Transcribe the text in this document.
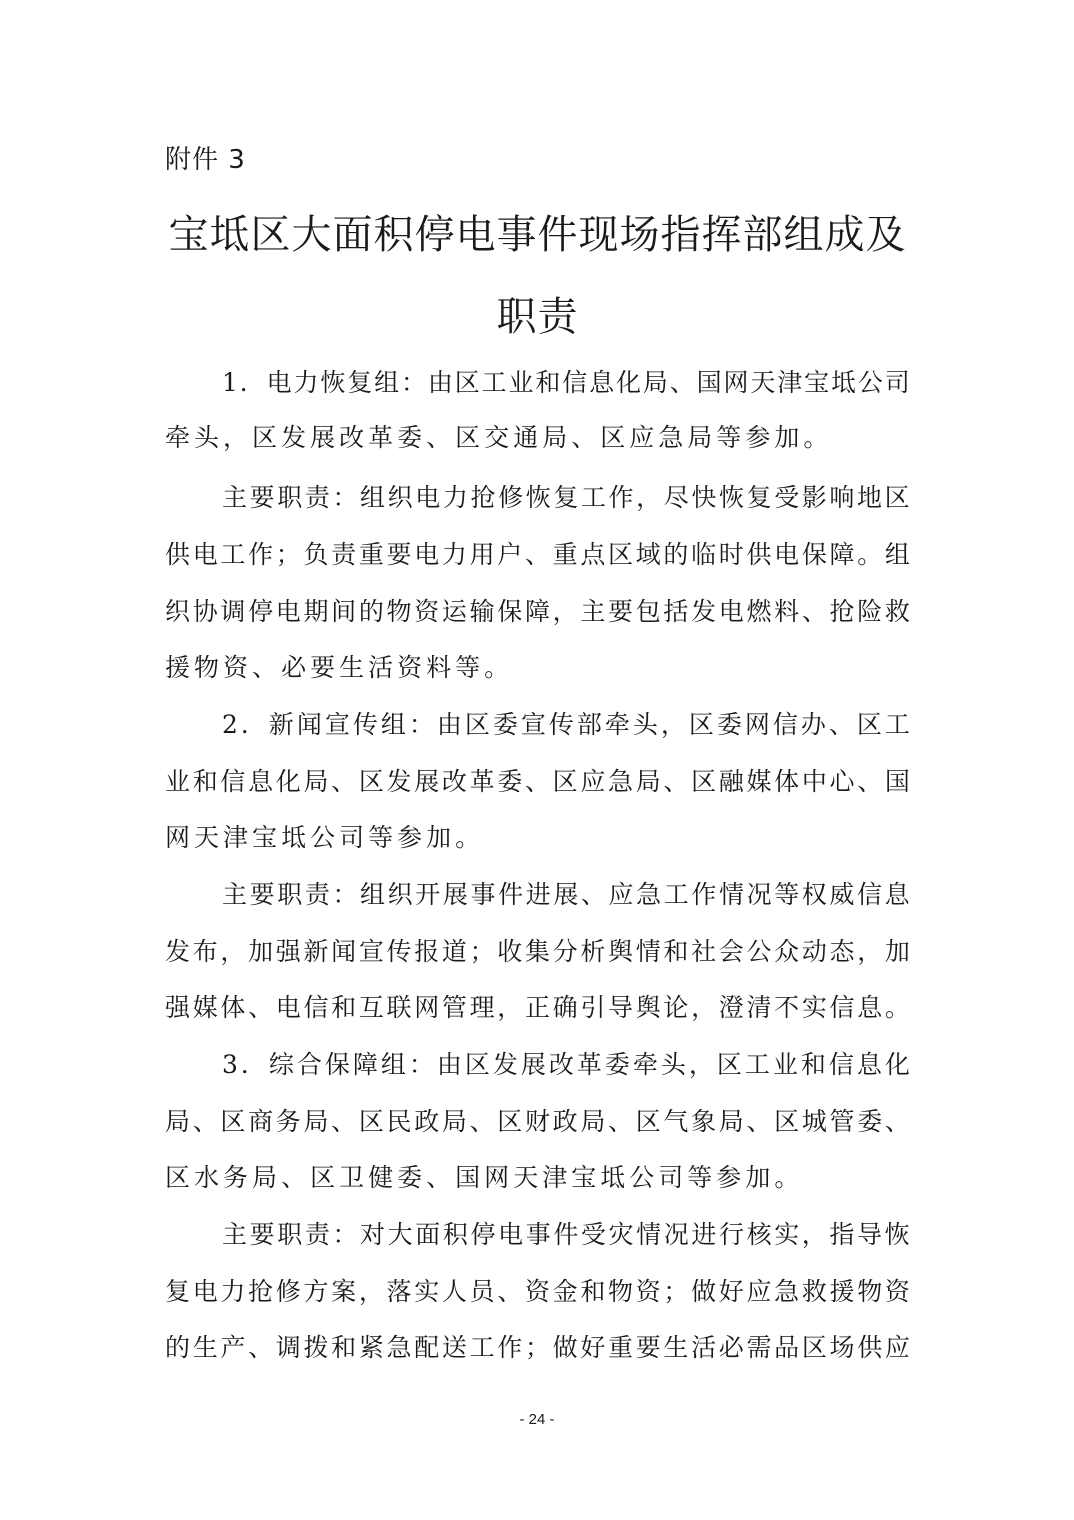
附件 3
宝坻区大面积停电事件现场指挥部组成及
职责
1 ． 电 力 恢 复 组 ： 由 区 工 业 和 信 息 化 局 、 国 网 天 津 宝 坻 公 司
牵 头 ， 区 发 展 改 革 委 、 区 交 通 局 、 区 应 急 局 等 参 加 。
主 要 职 责 ： 组 织 电 力 抢 修 恢 复 工 作 ， 尽 快 恢 复 受 影 响 地 区
供 电 工 作 ； 负 责 重 要 电 力 用 户 、 重 点 区 域 的 临 时 供 电 保 障 。 组
织 协 调 停 电 期 间 的 物 资 运 输 保 障 ， 主 要 包 括 发 电 燃 料 、 抢 险 救
援 物 资 、 必 要 生 活 资 料 等 。
2 ． 新 闻 宣 传 组 ： 由 区 委 宣 传 部 牵 头 ， 区 委 网 信 办 、 区 工
业 和 信 息 化 局 、 区 发 展 改 革 委 、 区 应 急 局 、 区 融 媒 体 中 心 、 国
网 天 津 宝 坻 公 司 等 参 加 。
主 要 职 责 ： 组 织 开 展 事 件 进 展 、 应 急 工 作 情 况 等 权 威 信 息
发 布 ， 加 强 新 闻 宣 传 报 道 ； 收 集 分 析 舆 情 和 社 会 公 众 动 态 ， 加
强 媒 体 、 电 信 和 互 联 网 管 理 ， 正 确 引 导 舆 论 ， 澄 清 不 实 信 息 。
3 ． 综 合 保 障 组 ： 由 区 发 展 改 革 委 牵 头 ， 区 工 业 和 信 息 化
局 、 区 商 务 局 、 区 民 政 局 、 区 财 政 局 、 区 气 象 局 、 区 城 管 委 、
区 水 务 局 、 区 卫 健 委 、 国 网 天 津 宝 坻 公 司 等 参 加 。
主 要 职 责 ： 对 大 面 积 停 电 事 件 受 灾 情 况 进 行 核 实 ， 指 导 恢
复 电 力 抢 修 方 案 ， 落 实 人 员 、 资 金 和 物 资 ； 做 好 应 急 救 援 物 资
的 生 产 、 调 拨 和 紧 急 配 送 工 作 ； 做 好 重 要 生 活 必 需 品 区 场 供 应
- 24 -
